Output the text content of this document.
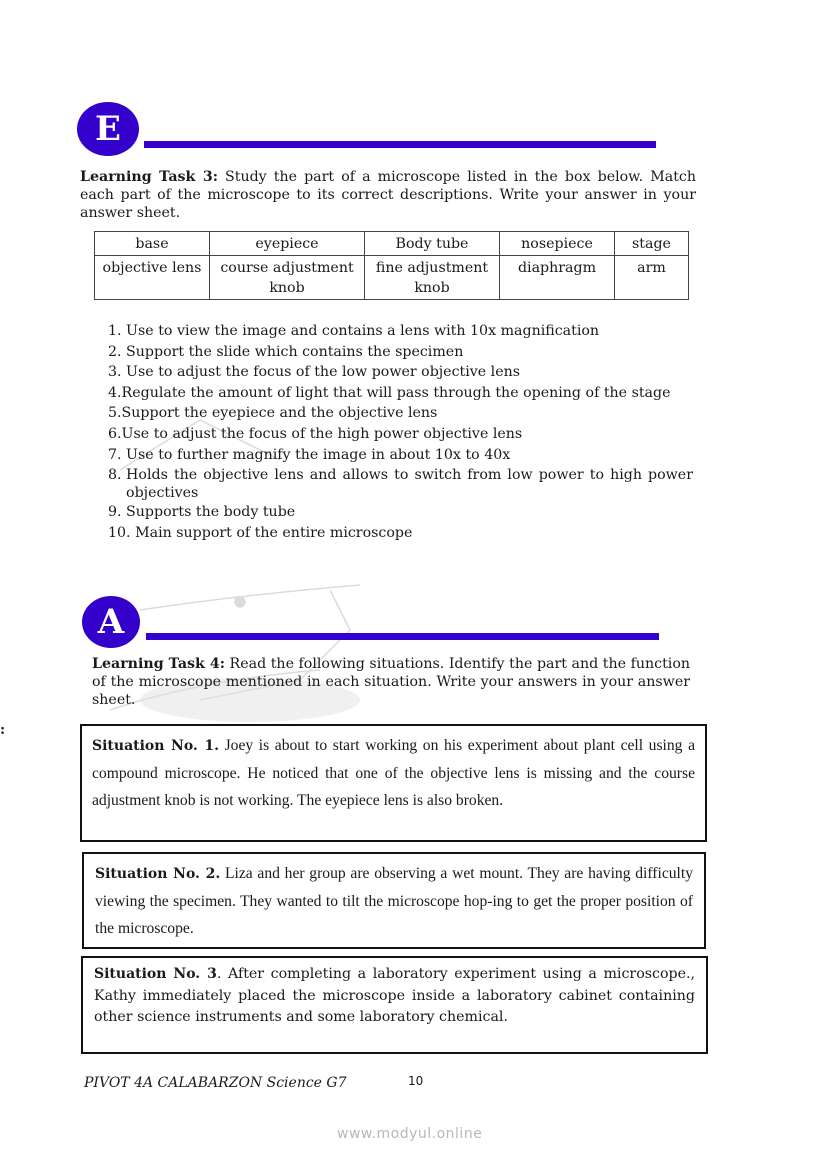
E
Learning Task 3: Study the part of a microscope listed in the box below. Match each part of the microscope to its correct descriptions. Write your answer in your answer sheet.
base	eyepiece	Body tube	nosepiece	stage
objective lens	course adjustment knob	fine adjustment knob	diaphragm	arm
1. Use to view the image and contains a lens with 10x magnification
2. Support the slide which contains the specimen
3. Use to adjust the focus of the low power objective lens
4. Regulate the amount of light that will pass through the opening of the stage
5. Support the eyepiece and the objective lens
6. Use to adjust the focus of the high power objective lens
7. Use to further magnify the image in about 10x to 40x
8. Holds the objective lens and allows to switch from low power to high power objectives
9. Supports the body tube
10. Main support of the entire microscope
A
Learning Task 4: Read the following situations. Identify the part and the function of the microscope mentioned in each situation. Write your answers in your answer sheet.
:
Situation No. 1. Joey is about to start working on his experiment about plant cell using a compound microscope. He noticed that one of the objective lens is missing and the course adjustment knob is not working. The eyepiece lens is also broken.
Situation No. 2. Liza and her group are observing a wet mount. They are having difficulty viewing the specimen. They wanted to tilt the microscope hop-ing to get the proper position of the microscope.
Situation No. 3. After completing a laboratory experiment using a microscope., Kathy immediately placed the microscope inside a laboratory cabinet containing other science instruments and some laboratory chemical.
PIVOT 4A CALABARZON Science G7	10
www.modyul.online
